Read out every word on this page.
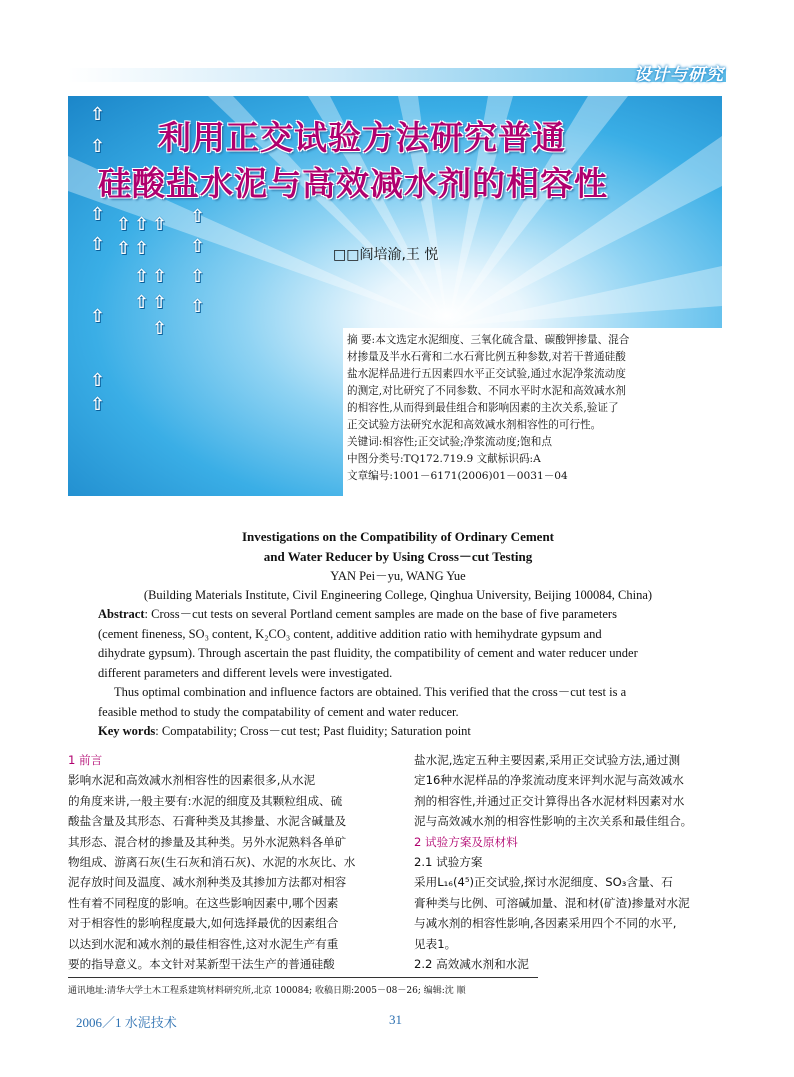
设计与研究
⇧
⇧
⇧
⇧
⇧
⇧
⇧
⇧
⇧
⇧
⇧
⇧
⇧
⇧
⇧
⇧
⇧
⇧
⇧
⇧
⇧
利用正交试验方法研究普通
硅酸盐水泥与高效减水剂的相容性
□□阎培渝,王 悦
摘 要:本文选定水泥细度、三氧化硫含量、碳酸钾掺量、混合
材掺量及半水石膏和二水石膏比例五种参数,对若干普通硅酸
盐水泥样品进行五因素四水平正交试验,通过水泥净浆流动度
的测定,对比研究了不同参数、不同水平时水泥和高效减水剂
的相容性,从而得到最佳组合和影响因素的主次关系,验证了
正交试验方法研究水泥和高效减水剂相容性的可行性。
关键词:相容性;正交试验;净浆流动度;饱和点
中图分类号:TQ172.719.9 文献标识码:A
文章编号:1001－6171(2006)01－0031－04
Investigations on the Compatibility of Ordinary Cement
and Water Reducer by Using Cross－cut Testing
YAN Pei－yu, WANG Yue
(Building Materials Institute, Civil Engineering College, Qinghua University, Beijing 100084, China)
Abstract: Cross－cut tests on several Portland cement samples are made on the base of five parameters
(cement fineness, SO₃ content, K₂CO₃ content, additive addition ratio with hemihydrate gypsum and
dihydrate gypsum). Through ascertain the past fluidity, the compatibility of cement and water reducer under
different parameters and different levels were investigated.
Thus optimal combination and influence factors are obtained. This verified that the cross－cut test is a
feasible method to study the compatability of cement and water reducer.
Key words: Compatability; Cross－cut test; Past fluidity; Saturation point
1 前言
影响水泥和高效减水剂相容性的因素很多,从水泥
的角度来讲,一般主要有:水泥的细度及其颗粒组成、硫
酸盐含量及其形态、石膏种类及其掺量、水泥含碱量及
其形态、混合材的掺量及其种类。另外水泥熟料各单矿
物组成、游离石灰(生石灰和消石灰)、水泥的水灰比、水
泥存放时间及温度、减水剂种类及其掺加方法都对相容
性有着不同程度的影响。在这些影响因素中,哪个因素
对于相容性的影响程度最大,如何选择最优的因素组合
以达到水泥和减水剂的最佳相容性,这对水泥生产有重
要的指导意义。本文针对某新型干法生产的普通硅酸
盐水泥,选定五种主要因素,采用正交试验方法,通过测
定16种水泥样品的净浆流动度来评判水泥与高效减水
剂的相容性,并通过正交计算得出各水泥材料因素对水
泥与高效减水剂的相容性影响的主次关系和最佳组合。
2 试验方案及原材料
2.1 试验方案
采用L₁₆(4⁵)正交试验,探讨水泥细度、SO₃含量、石
膏种类与比例、可溶碱加量、混和材(矿渣)掺量对水泥
与减水剂的相容性影响,各因素采用四个不同的水平,
见表1。
2.2 高效减水剂和水泥
通讯地址:清华大学土木工程系建筑材料研究所,北京 100084; 收稿日期:2005－08－26; 编辑:沈 顺
2006／1 水泥技术	31
